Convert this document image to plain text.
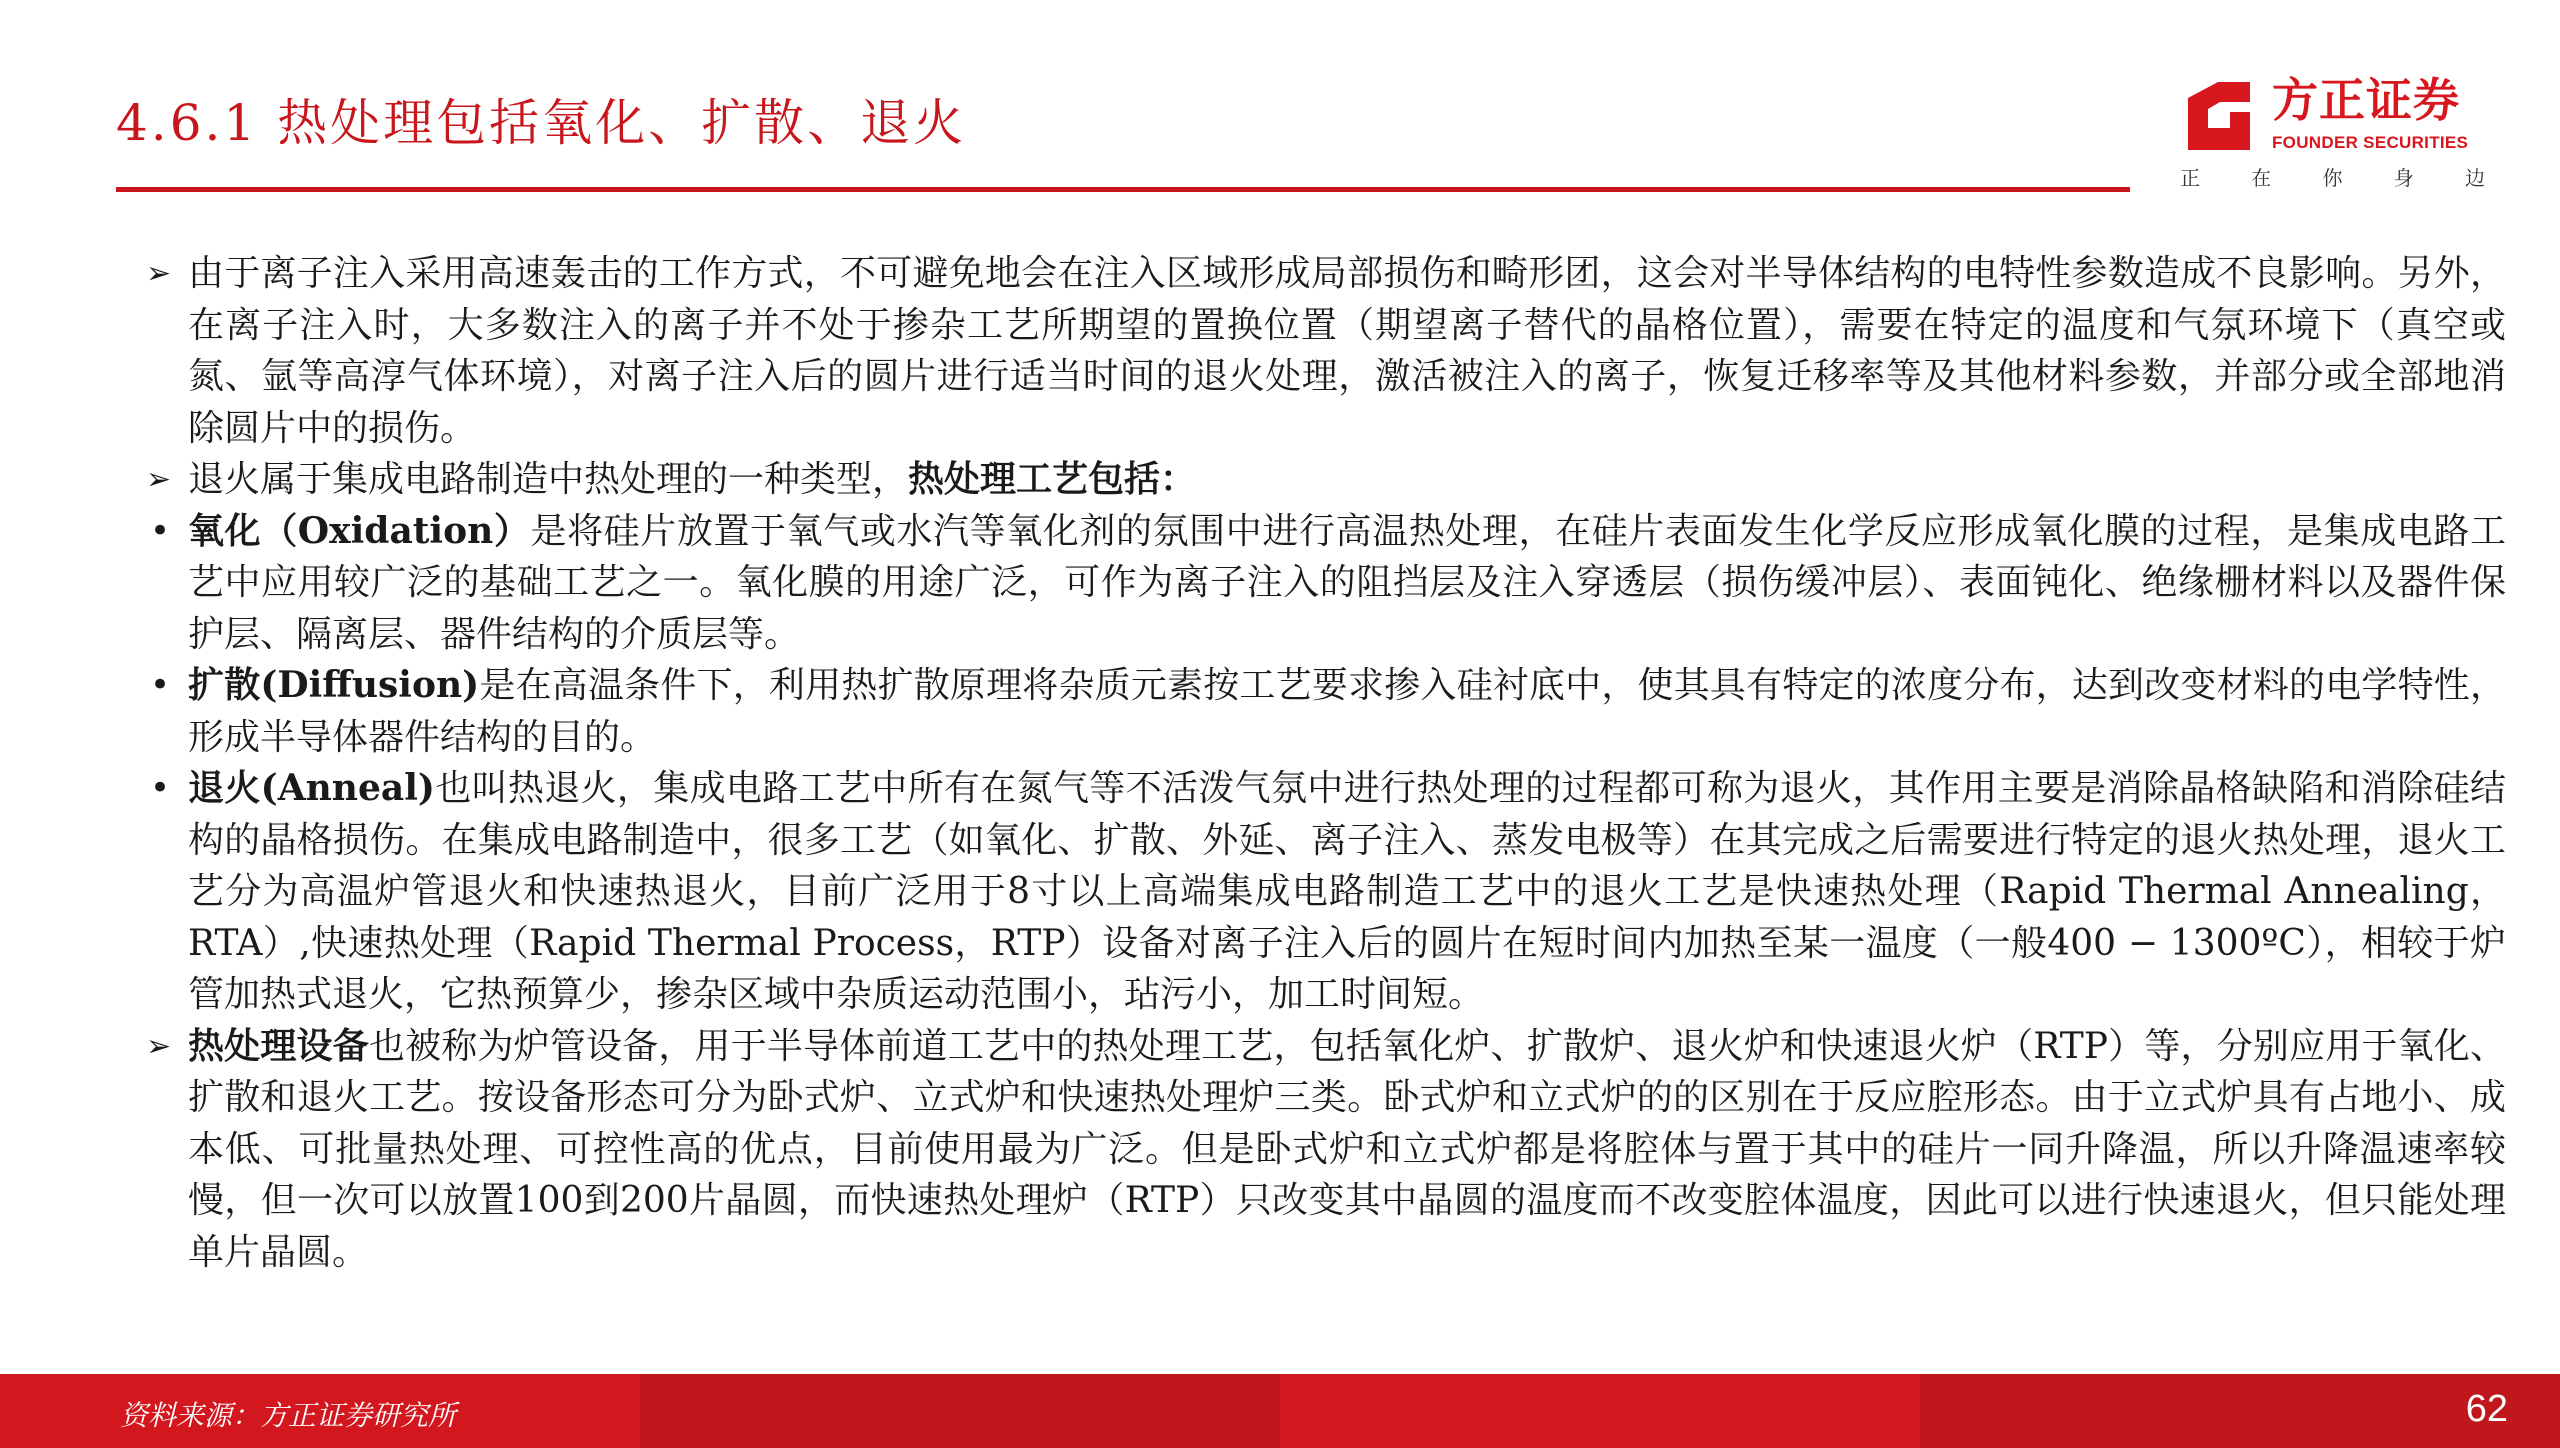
4.6.1 热处理包括氧化、扩散、退火	方正证券
FOUNDER SECURITIES
正	在	你	身	边
➢ 由于离子注入采用高速轰击的工作方式，不可避免地会在注入区域形成局部损伤和畸形团，这会对半导体结构的电特性参数造成不良影响。另外，在离子注入时，大多数注入的离子并不处于掺杂工艺所期望的置换位置（期望离子替代的晶格位置），需要在特定的温度和气氛环境下（真空或氮、氩等高淳气体环境），对离子注入后的圆片进行适当时间的退火处理，激活被注入的离子，恢复迁移率等及其他材料参数，并部分或全部地消除圆片中的损伤。
➢ 退火属于集成电路制造中热处理的一种类型，热处理工艺包括：
• 氧化（Oxidation）是将硅片放置于氧气或水汽等氧化剂的氛围中进行高温热处理，在硅片表面发生化学反应形成氧化膜的过程，是集成电路工艺中应用较广泛的基础工艺之一。氧化膜的用途广泛，可作为离子注入的阻挡层及注入穿透层（损伤缓冲层）、表面钝化、绝缘栅材料以及器件保护层、隔离层、器件结构的介质层等。
• 扩散(Diffusion)是在高温条件下，利用热扩散原理将杂质元素按工艺要求掺入硅衬底中，使其具有特定的浓度分布，达到改变材料的电学特性，形成半导体器件结构的目的。
• 退火(Anneal)也叫热退火，集成电路工艺中所有在氮气等不活泼气氛中进行热处理的过程都可称为退火，其作用主要是消除晶格缺陷和消除硅结构的晶格损伤。在集成电路制造中，很多工艺（如氧化、扩散、外延、离子注入、蒸发电极等）在其完成之后需要进行特定的退火热处理，退火工艺分为高温炉管退火和快速热退火，目前广泛用于8寸以上高端集成电路制造工艺中的退火工艺是快速热处理（Rapid Thermal Annealing，RTA）,快速热处理（Rapid Thermal Process，RTP）设备对离子注入后的圆片在短时间内加热至某一温度（一般400 − 1300ºC），相较于炉管加热式退火，它热预算少，掺杂区域中杂质运动范围小，玷污小，加工时间短。
➢ 热处理设备也被称为炉管设备，用于半导体前道工艺中的热处理工艺，包括氧化炉、扩散炉、退火炉和快速退火炉（RTP）等，分别应用于氧化、扩散和退火工艺。按设备形态可分为卧式炉、立式炉和快速热处理炉三类。卧式炉和立式炉的的区别在于反应腔形态。由于立式炉具有占地小、成本低、可批量热处理、可控性高的优点，目前使用最为广泛。但是卧式炉和立式炉都是将腔体与置于其中的硅片一同升降温，所以升降温速率较慢，但一次可以放置100到200片晶圆，而快速热处理炉（RTP）只改变其中晶圆的温度而不改变腔体温度，因此可以进行快速退火，但只能处理单片晶圆。
资料来源：方正证券研究所	62
